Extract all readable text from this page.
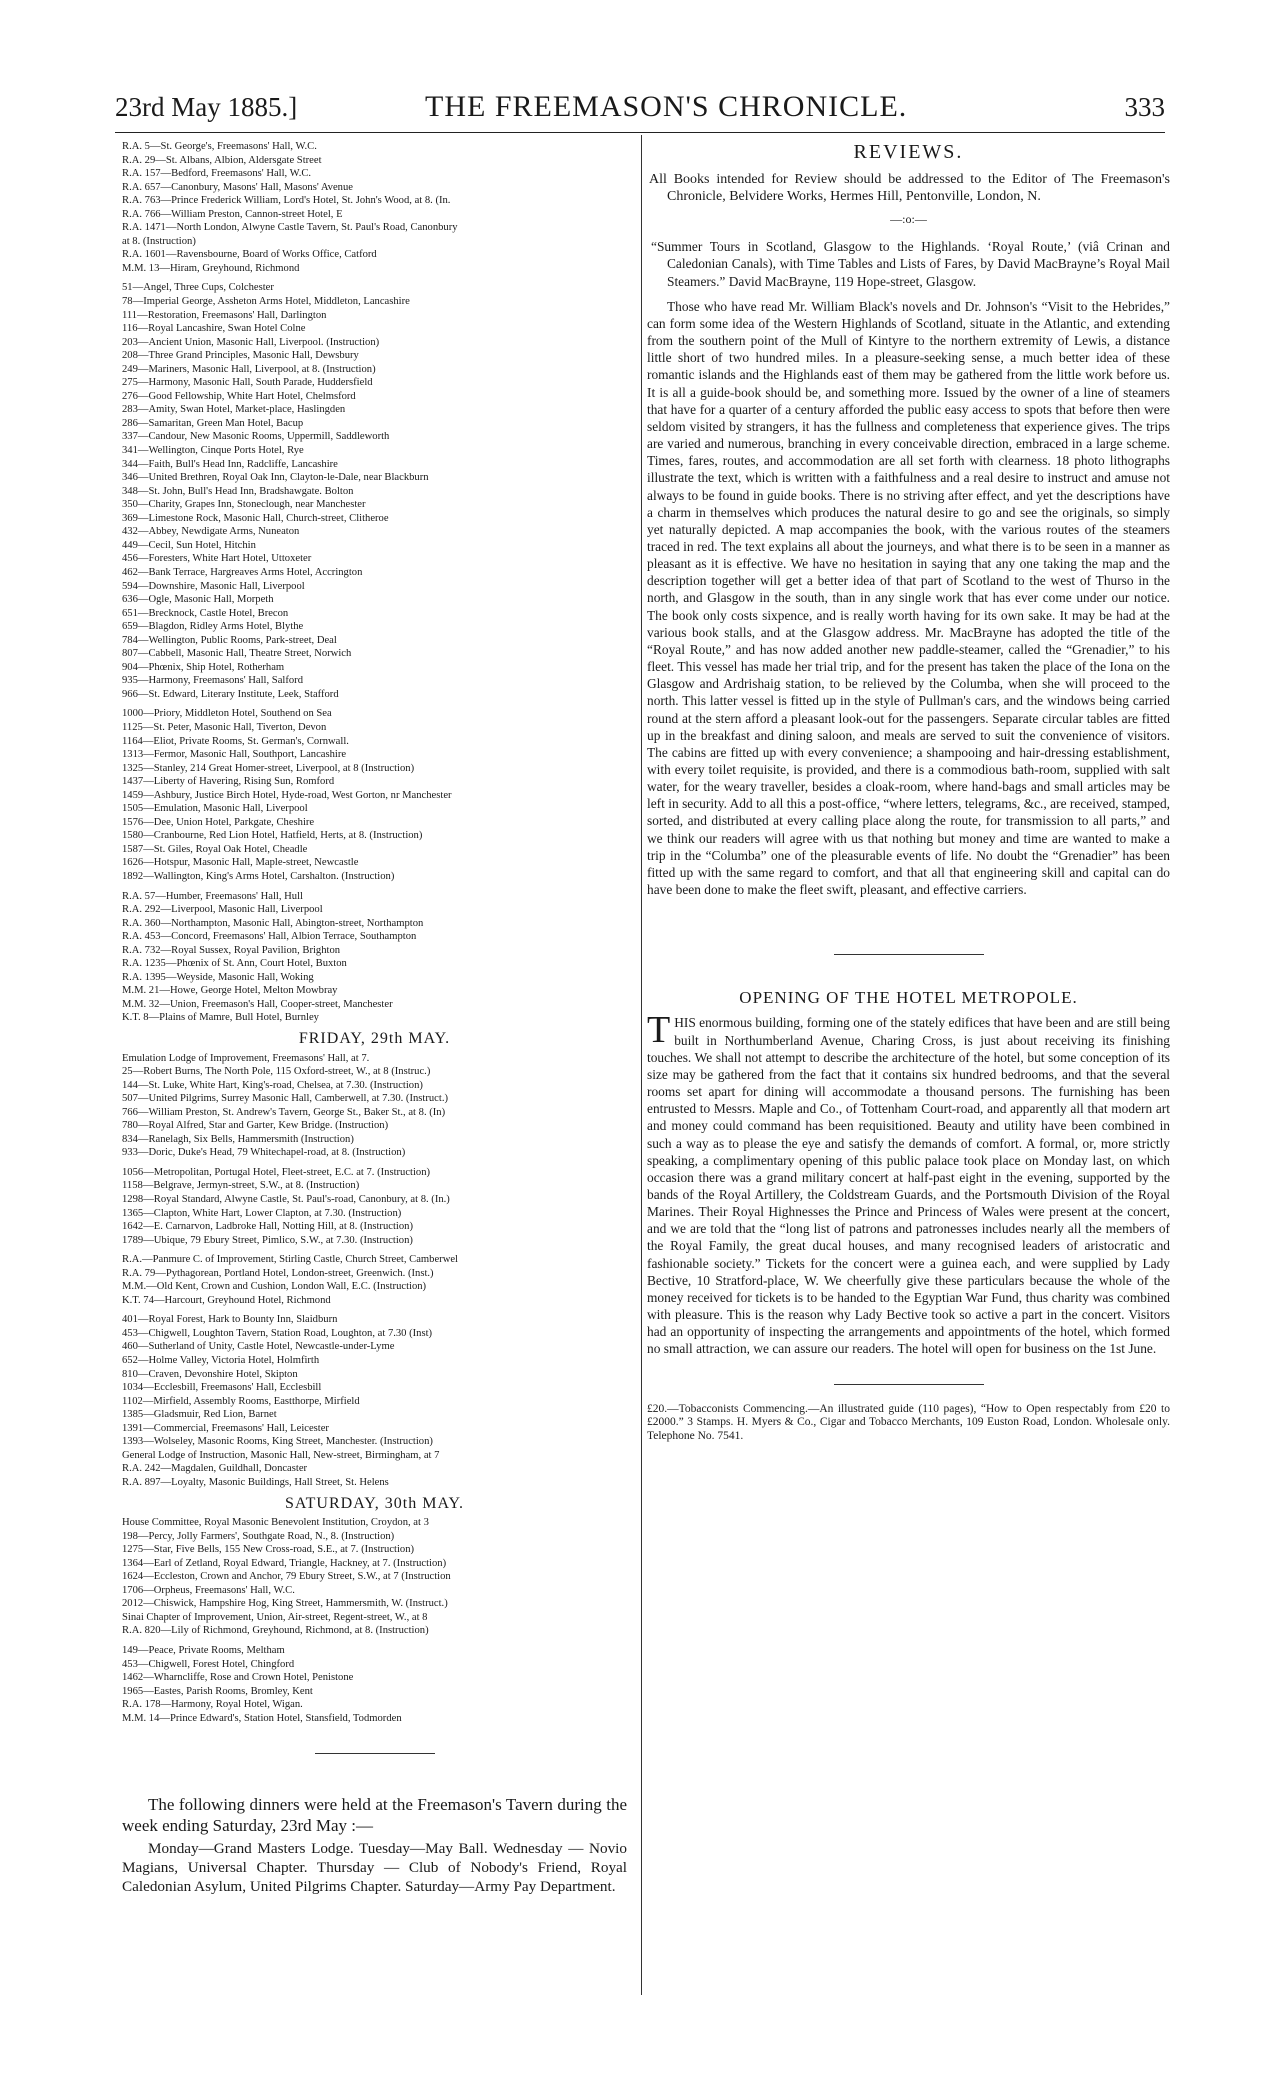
23rd May 1885.]	THE FREEMASON'S CHRONICLE.	333
R.A. 5—St. George's, Freemasons' Hall, W.C.
R.A. 29—St. Albans, Albion, Aldersgate Street
R.A. 157—Bedford, Freemasons' Hall, W.C.
R.A. 657—Canonbury, Masons' Hall, Masons' Avenue
R.A. 763—Prince Frederick William, Lord's Hotel, St. John's Wood, at 8. (In.
R.A. 766—William Preston, Cannon-street Hotel, E
R.A. 1471—North London, Alwyne Castle Tavern, St. Paul's Road, Canonbury
at 8. (Instruction)
R.A. 1601—Ravensbourne, Board of Works Office, Catford
M.M. 13—Hiram, Greyhound, Richmond
51—Angel, Three Cups, Colchester
78—Imperial George, Assheton Arms Hotel, Middleton, Lancashire
111—Restoration, Freemasons' Hall, Darlington
116—Royal Lancashire, Swan Hotel Colne
203—Ancient Union, Masonic Hall, Liverpool. (Instruction)
208—Three Grand Principles, Masonic Hall, Dewsbury
249—Mariners, Masonic Hall, Liverpool, at 8. (Instruction)
275—Harmony, Masonic Hall, South Parade, Huddersfield
276—Good Fellowship, White Hart Hotel, Chelmsford
283—Amity, Swan Hotel, Market-place, Haslingden
286—Samaritan, Green Man Hotel, Bacup
337—Candour, New Masonic Rooms, Uppermill, Saddleworth
341—Wellington, Cinque Ports Hotel, Rye
344—Faith, Bull's Head Inn, Radcliffe, Lancashire
346—United Brethren, Royal Oak Inn, Clayton-le-Dale, near Blackburn
348—St. John, Bull's Head Inn, Bradshawgate. Bolton
350—Charity, Grapes Inn, Stoneclough, near Manchester
369—Limestone Rock, Masonic Hall, Church-street, Clitheroe
432—Abbey, Newdigate Arms, Nuneaton
449—Cecil, Sun Hotel, Hitchin
456—Foresters, White Hart Hotel, Uttoxeter
462—Bank Terrace, Hargreaves Arms Hotel, Accrington
594—Downshire, Masonic Hall, Liverpool
636—Ogle, Masonic Hall, Morpeth
651—Brecknock, Castle Hotel, Brecon
659—Blagdon, Ridley Arms Hotel, Blythe
784—Wellington, Public Rooms, Park-street, Deal
807—Cabbell, Masonic Hall, Theatre Street, Norwich
904—Phœnix, Ship Hotel, Rotherham
935—Harmony, Freemasons' Hall, Salford
966—St. Edward, Literary Institute, Leek, Stafford
1000—Priory, Middleton Hotel, Southend on Sea
1125—St. Peter, Masonic Hall, Tiverton, Devon
1164—Eliot, Private Rooms, St. German's, Cornwall.
1313—Fermor, Masonic Hall, Southport, Lancashire
1325—Stanley, 214 Great Homer-street, Liverpool, at 8 (Instruction)
1437—Liberty of Havering, Rising Sun, Romford
1459—Ashbury, Justice Birch Hotel, Hyde-road, West Gorton, nr Manchester
1505—Emulation, Masonic Hall, Liverpool
1576—Dee, Union Hotel, Parkgate, Cheshire
1580—Cranbourne, Red Lion Hotel, Hatfield, Herts, at 8. (Instruction)
1587—St. Giles, Royal Oak Hotel, Cheadle
1626—Hotspur, Masonic Hall, Maple-street, Newcastle
1892—Wallington, King's Arms Hotel, Carshalton. (Instruction)
R.A. 57—Humber, Freemasons' Hall, Hull
R.A. 292—Liverpool, Masonic Hall, Liverpool
R.A. 360—Northampton, Masonic Hall, Abington-street, Northampton
R.A. 453—Concord, Freemasons' Hall, Albion Terrace, Southampton
R.A. 732—Royal Sussex, Royal Pavilion, Brighton
R.A. 1235—Phœnix of St. Ann, Court Hotel, Buxton
R.A. 1395—Weyside, Masonic Hall, Woking
M.M. 21—Howe, George Hotel, Melton Mowbray
M.M. 32—Union, Freemason's Hall, Cooper-street, Manchester
K.T. 8—Plains of Mamre, Bull Hotel, Burnley
FRIDAY, 29th MAY.
Emulation Lodge of Improvement, Freemasons' Hall, at 7.
25—Robert Burns, The North Pole, 115 Oxford-street, W., at 8 (Instruc.)
144—St. Luke, White Hart, King's-road, Chelsea, at 7.30. (Instruction)
507—United Pilgrims, Surrey Masonic Hall, Camberwell, at 7.30. (Instruct.)
766—William Preston, St. Andrew's Tavern, George St., Baker St., at 8. (In)
780—Royal Alfred, Star and Garter, Kew Bridge. (Instruction)
834—Ranelagh, Six Bells, Hammersmith (Instruction)
933—Doric, Duke's Head, 79 Whitechapel-road, at 8. (Instruction)
1056—Metropolitan, Portugal Hotel, Fleet-street, E.C. at 7. (Instruction)
1158—Belgrave, Jermyn-street, S.W., at 8. (Instruction)
1298—Royal Standard, Alwyne Castle, St. Paul's-road, Canonbury, at 8. (In.)
1365—Clapton, White Hart, Lower Clapton, at 7.30. (Instruction)
1642—E. Carnarvon, Ladbroke Hall, Notting Hill, at 8. (Instruction)
1789—Ubique, 79 Ebury Street, Pimlico, S.W., at 7.30. (Instruction)
R.A.—Panmure C. of Improvement, Stirling Castle, Church Street, Camberwel
R.A. 79—Pythagorean, Portland Hotel, London-street, Greenwich. (Inst.)
M.M.—Old Kent, Crown and Cushion, London Wall, E.C. (Instruction)
K.T. 74—Harcourt, Greyhound Hotel, Richmond
401—Royal Forest, Hark to Bounty Inn, Slaidburn
453—Chigwell, Loughton Tavern, Station Road, Loughton, at 7.30 (Inst)
460—Sutherland of Unity, Castle Hotel, Newcastle-under-Lyme
652—Holme Valley, Victoria Hotel, Holmfirth
810—Craven, Devonshire Hotel, Skipton
1034—Ecclesbill, Freemasons' Hall, Ecclesbill
1102—Mirfield, Assembly Rooms, Eastthorpe, Mirfield
1385—Gladsmuir, Red Lion, Barnet
1391—Commercial, Freemasons' Hall, Leicester
1393—Wolseley, Masonic Rooms, King Street, Manchester. (Instruction)
General Lodge of Instruction, Masonic Hall, New-street, Birmingham, at 7
R.A. 242—Magdalen, Guildhall, Doncaster
R.A. 897—Loyalty, Masonic Buildings, Hall Street, St. Helens
SATURDAY, 30th MAY.
House Committee, Royal Masonic Benevolent Institution, Croydon, at 3
198—Percy, Jolly Farmers', Southgate Road, N., 8. (Instruction)
1275—Star, Five Bells, 155 New Cross-road, S.E., at 7. (Instruction)
1364—Earl of Zetland, Royal Edward, Triangle, Hackney, at 7. (Instruction)
1624—Eccleston, Crown and Anchor, 79 Ebury Street, S.W., at 7 (Instruction
1706—Orpheus, Freemasons' Hall, W.C.
2012—Chiswick, Hampshire Hog, King Street, Hammersmith, W. (Instruct.)
Sinai Chapter of Improvement, Union, Air-street, Regent-street, W., at 8
R.A. 820—Lily of Richmond, Greyhound, Richmond, at 8. (Instruction)
149—Peace, Private Rooms, Meltham
453—Chigwell, Forest Hotel, Chingford
1462—Wharncliffe, Rose and Crown Hotel, Penistone
1965—Eastes, Parish Rooms, Bromley, Kent
R.A. 178—Harmony, Royal Hotel, Wigan.
M.M. 14—Prince Edward's, Station Hotel, Stansfield, Todmorden

The following dinners were held at the Freemason's Tavern during the week ending Saturday, 23rd May :—

Monday—Grand Masters Lodge. Tuesday—May Ball. Wednesday — Novio Magians, Universal Chapter. Thursday — Club of Nobody's Friend, Royal Caledonian Asylum, United Pilgrims Chapter. Saturday—Army Pay Department.

REVIEWS.

All Books intended for Review should be addressed to the Editor of The Freemason's Chronicle, Belvidere Works, Hermes Hill, Pentonville, London, N.

—:o:—

“Summer Tours in Scotland, Glasgow to the Highlands. ‘Royal Route,’ (viâ Crinan and Caledonian Canals), with Time Tables and Lists of Fares, by David MacBrayne’s Royal Mail Steamers.” David MacBrayne, 119 Hope-street, Glasgow.

Those who have read Mr. William Black's novels and Dr. Johnson's “Visit to the Hebrides,” can form some idea of the Western Highlands of Scotland, situate in the Atlantic, and extending from the southern point of the Mull of Kintyre to the northern extremity of Lewis, a distance little short of two hundred miles. In a pleasure-seeking sense, a much better idea of these romantic islands and the Highlands east of them may be gathered from the little work before us. It is all a guide-book should be, and something more. Issued by the owner of a line of steamers that have for a quarter of a century afforded the public easy access to spots that before then were seldom visited by strangers, it has the fullness and completeness that experience gives. The trips are varied and numerous, branching in every conceivable direction, embraced in a large scheme. Times, fares, routes, and accommodation are all set forth with clearness. 18 photo lithographs illustrate the text, which is written with a faithfulness and a real desire to instruct and amuse not always to be found in guide books. There is no striving after effect, and yet the descriptions have a charm in themselves which produces the natural desire to go and see the originals, so simply yet naturally depicted. A map accompanies the book, with the various routes of the steamers traced in red. The text explains all about the journeys, and what there is to be seen in a manner as pleasant as it is effective. We have no hesitation in saying that any one taking the map and the description together will get a better idea of that part of Scotland to the west of Thurso in the north, and Glasgow in the south, than in any single work that has ever come under our notice. The book only costs sixpence, and is really worth having for its own sake. It may be had at the various book stalls, and at the Glasgow address. Mr. MacBrayne has adopted the title of the “Royal Route,” and has now added another new paddle-steamer, called the “Grenadier,” to his fleet. This vessel has made her trial trip, and for the present has taken the place of the Iona on the Glasgow and Ardrishaig station, to be relieved by the Columba, when she will proceed to the north. This latter vessel is fitted up in the style of Pullman's cars, and the windows being carried round at the stern afford a pleasant look-out for the passengers. Separate circular tables are fitted up in the breakfast and dining saloon, and meals are served to suit the convenience of visitors. The cabins are fitted up with every convenience; a shampooing and hair-dressing establishment, with every toilet requisite, is provided, and there is a commodious bath-room, supplied with salt water, for the weary traveller, besides a cloak-room, where hand-bags and small articles may be left in security. Add to all this a post-office, “where letters, telegrams, &c., are received, stamped, sorted, and distributed at every calling place along the route, for transmission to all parts,” and we think our readers will agree with us that nothing but money and time are wanted to make a trip in the “Columba” one of the pleasurable events of life. No doubt the “Grenadier” has been fitted up with the same regard to comfort, and that all that engineering skill and capital can do have been done to make the fleet swift, pleasant, and effective carriers.

OPENING OF THE HOTEL METROPOLE.

THIS enormous building, forming one of the stately edifices that have been and are still being built in Northumberland Avenue, Charing Cross, is just about receiving its finishing touches. We shall not attempt to describe the architecture of the hotel, but some conception of its size may be gathered from the fact that it contains six hundred bedrooms, and that the several rooms set apart for dining will accommodate a thousand persons. The furnishing has been entrusted to Messrs. Maple and Co., of Tottenham Court-road, and apparently all that modern art and money could command has been requisitioned. Beauty and utility have been combined in such a way as to please the eye and satisfy the demands of comfort. A formal, or, more strictly speaking, a complimentary opening of this public palace took place on Monday last, on which occasion there was a grand military concert at half-past eight in the evening, supported by the bands of the Royal Artillery, the Coldstream Guards, and the Portsmouth Division of the Royal Marines. Their Royal Highnesses the Prince and Princess of Wales were present at the concert, and we are told that the “long list of patrons and patronesses includes nearly all the members of the Royal Family, the great ducal houses, and many recognised leaders of aristocratic and fashionable society.” Tickets for the concert were a guinea each, and were supplied by Lady Bective, 10 Stratford-place, W. We cheerfully give these particulars because the whole of the money received for tickets is to be handed to the Egyptian War Fund, thus charity was combined with pleasure. This is the reason why Lady Bective took so active a part in the concert. Visitors had an opportunity of inspecting the arrangements and appointments of the hotel, which formed no small attraction, we can assure our readers. The hotel will open for business on the 1st June.

£20.—Tobacconists Commencing.—An illustrated guide (110 pages), “How to Open respectably from £20 to £2000.” 3 Stamps. H. Myers & Co., Cigar and Tobacco Merchants, 109 Euston Road, London. Wholesale only. Telephone No. 7541.
